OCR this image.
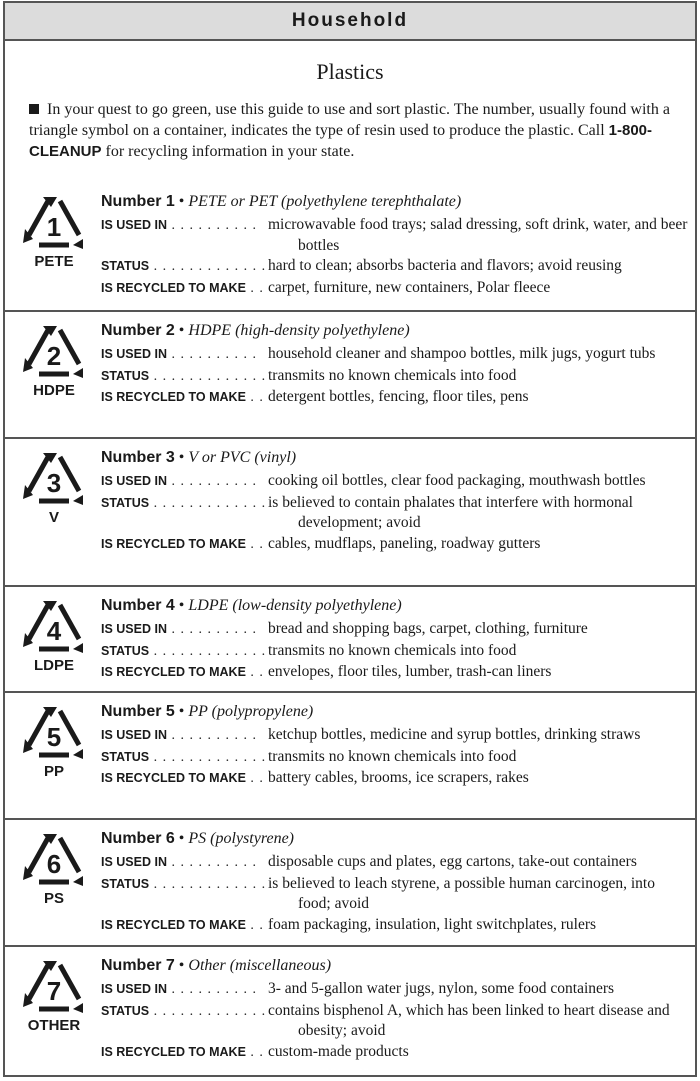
Household
Plastics
In your quest to go green, use this guide to use and sort plastic. The number, usually found with a triangle symbol on a container, indicates the type of resin used to produce the plastic. Call 1-800-CLEANUP for recycling information in your state.
1
PETE
Number 1 • PETE or PET (polyethylene terephthalate)
IS USED IN . . . . . . . . . . microwavable food trays; salad dressing, soft drink, water, and beer bottles
STATUS . . . . . . . . . . . . . hard to clean; absorbs bacteria and flavors; avoid reusing
IS RECYCLED TO MAKE . . carpet, furniture, new containers, Polar fleece
2
HDPE
Number 2 • HDPE (high-density polyethylene)
IS USED IN . . . . . . . . . . household cleaner and shampoo bottles, milk jugs, yogurt tubs
STATUS . . . . . . . . . . . . . transmits no known chemicals into food
IS RECYCLED TO MAKE . . detergent bottles, fencing, floor tiles, pens
3
V
Number 3 • V or PVC (vinyl)
IS USED IN . . . . . . . . . . cooking oil bottles, clear food packaging, mouthwash bottles
STATUS . . . . . . . . . . . . . is believed to contain phalates that interfere with hormonal development; avoid
IS RECYCLED TO MAKE . . cables, mudflaps, paneling, roadway gutters
4
LDPE
Number 4 • LDPE (low-density polyethylene)
IS USED IN . . . . . . . . . . bread and shopping bags, carpet, clothing, furniture
STATUS . . . . . . . . . . . . . transmits no known chemicals into food
IS RECYCLED TO MAKE . . envelopes, floor tiles, lumber, trash-can liners
5
PP
Number 5 • PP (polypropylene)
IS USED IN . . . . . . . . . . ketchup bottles, medicine and syrup bottles, drinking straws
STATUS . . . . . . . . . . . . . transmits no known chemicals into food
IS RECYCLED TO MAKE . . battery cables, brooms, ice scrapers, rakes
6
PS
Number 6 • PS (polystyrene)
IS USED IN . . . . . . . . . . disposable cups and plates, egg cartons, take-out containers
STATUS . . . . . . . . . . . . . is believed to leach styrene, a possible human carcinogen, into food; avoid
IS RECYCLED TO MAKE . . foam packaging, insulation, light switchplates, rulers
7
OTHER
Number 7 • Other (miscellaneous)
IS USED IN . . . . . . . . . . 3- and 5-gallon water jugs, nylon, some food containers
STATUS . . . . . . . . . . . . . contains bisphenol A, which has been linked to heart disease and obesity; avoid
IS RECYCLED TO MAKE . . custom-made products
